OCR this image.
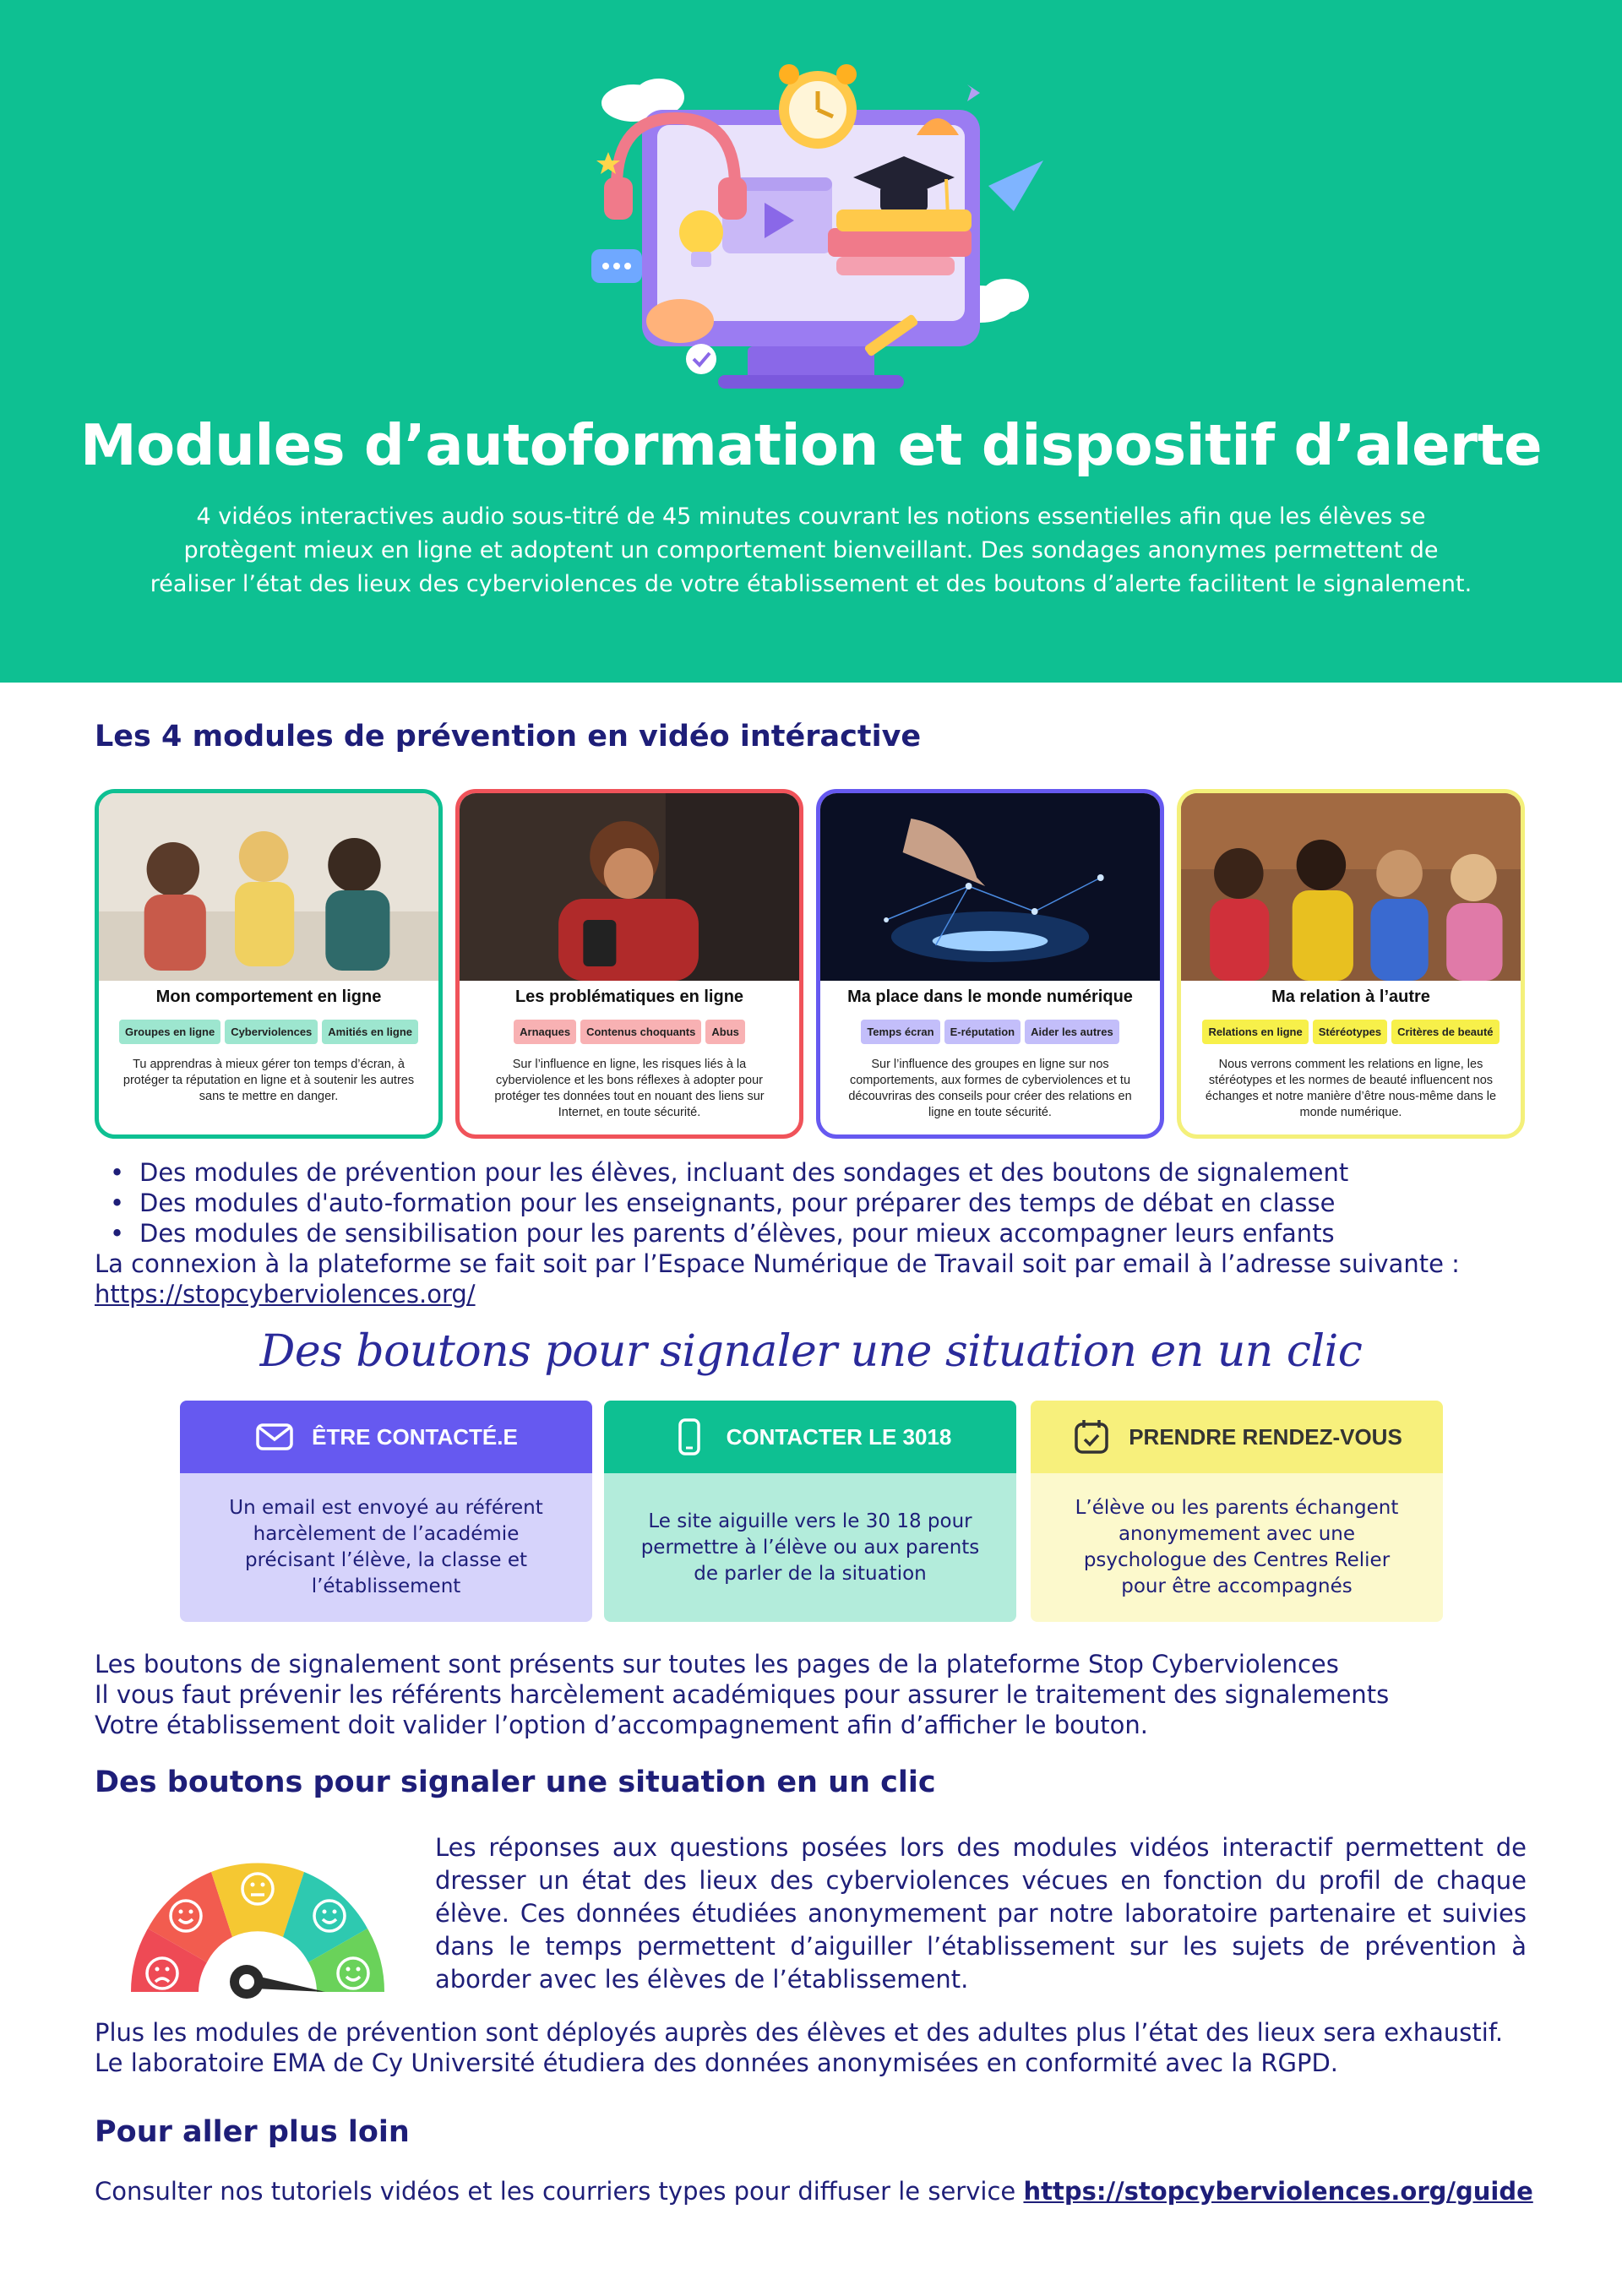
Modules d’autoformation et dispositif d’alerte
4 vidéos interactives audio sous-titré de 45 minutes couvrant les notions essentielles afin que les élèves se protègent mieux en ligne et adoptent un comportement bienveillant. Des sondages anonymes permettent de réaliser l’état des lieux des cyberviolences de votre établissement et des boutons d’alerte facilitent le signalement.
Les 4 modules de prévention en vidéo intéractive
Mon comportement en ligne
Groupes en ligne	Cyberviolences	Amitiés en ligne
Tu apprendras à mieux gérer ton temps d’écran, à protéger ta réputation en ligne et à soutenir les autres sans te mettre en danger.
Les problématiques en ligne
Arnaques	Contenus choquants	Abus
Sur l’influence en ligne, les risques liés à la cyberviolence et les bons réflexes à adopter pour protéger tes données tout en nouant des liens sur Internet, en toute sécurité.
Ma place dans le monde numérique
Temps écran	E-réputation	Aider les autres
Sur l’influence des groupes en ligne sur nos comportements, aux formes de cyberviolences et tu découvriras des conseils pour créer des relations en ligne en toute sécurité.
Ma relation à l’autre
Relations en ligne	Stéréotypes	Critères de beauté
Nous verrons comment les relations en ligne, les stéréotypes et les normes de beauté influencent nos échanges et notre manière d’être nous-même dans le monde numérique.
• Des modules de prévention pour les élèves, incluant des sondages et des boutons de signalement
• Des modules d'auto-formation pour les enseignants, pour préparer des temps de débat en classe
• Des modules de sensibilisation pour les parents d’élèves, pour mieux accompagner leurs enfants
La connexion à la plateforme se fait soit par l’Espace Numérique de Travail soit par email à l’adresse suivante : https://stopcyberviolences.org/
Des boutons pour signaler une situation en un clic
ÊTRE CONTACTÉ.E
Un email est envoyé au référent harcèlement de l’académie précisant l’élève, la classe et l’établissement
CONTACTER LE 3018
Le site aiguille vers le 30 18 pour permettre à l’élève ou aux parents de parler de la situation
PRENDRE RENDEZ-VOUS
L’élève ou les parents échangent anonymement avec une psychologue des Centres Relier pour être accompagnés
Les boutons de signalement sont présents sur toutes les pages de la plateforme Stop Cyberviolences
Il vous faut prévenir les référents harcèlement académiques pour assurer le traitement des signalements
Votre établissement doit valider l’option d’accompagnement afin d’afficher le bouton.
Des boutons pour signaler une situation en un clic
Les réponses aux questions posées lors des modules vidéos interactif permettent de dresser un état des lieux des cyberviolences vécues en fonction du profil de chaque élève. Ces données étudiées anonymement par notre laboratoire partenaire et suivies dans le temps permettent d’aiguiller l’établissement sur les sujets de prévention à aborder avec les élèves de l’établissement.
Plus les modules de prévention sont déployés auprès des élèves et des adultes plus l’état des lieux sera exhaustif.
Le laboratoire EMA de Cy Université étudiera des données anonymisées en conformité avec la RGPD.
Pour aller plus loin
Consulter nos tutoriels vidéos et les courriers types pour diffuser le service https://stopcyberviolences.org/guide
